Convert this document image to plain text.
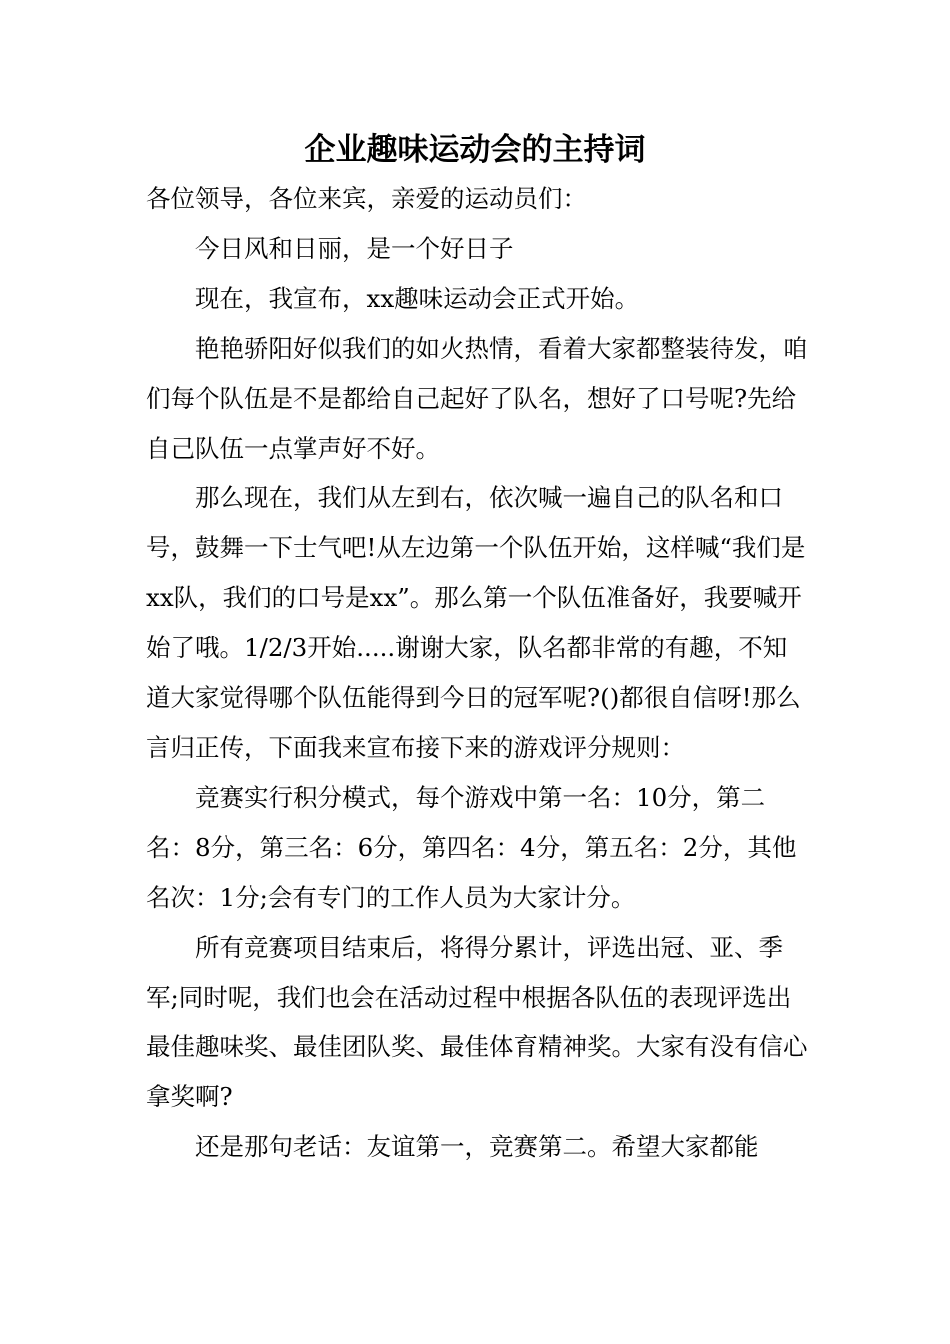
企业趣味运动会的主持词

各位领导，各位来宾，亲爱的运动员们：

今日风和日丽，是一个好日子

现在，我宣布，xx趣味运动会正式开始。

艳艳骄阳好似我们的如火热情，看着大家都整装待发，咱们每个队伍是不是都给自己起好了队名，想好了口号呢?先给自己队伍一点掌声好不好。

那么现在，我们从左到右，依次喊一遍自己的队名和口号，鼓舞一下士气吧!从左边第一个队伍开始，这样喊“我们是xx队，我们的口号是xx”。那么第一个队伍准备好，我要喊开始了哦。1/2/3开始.....谢谢大家，队名都非常的有趣，不知道大家觉得哪个队伍能得到今日的冠军呢?()都很自信呀!那么言归正传，下面我来宣布接下来的游戏评分规则：

竞赛实行积分模式，每个游戏中第一名：10分，第二名：8分，第三名：6分，第四名：4分，第五名：2分，其他名次：1分;会有专门的工作人员为大家计分。

所有竞赛项目结束后，将得分累计，评选出冠、亚、季军;同时呢，我们也会在活动过程中根据各队伍的表现评选出最佳趣味奖、最佳团队奖、最佳体育精神奖。大家有没有信心拿奖啊?

还是那句老话：友谊第一，竞赛第二。希望大家都能
